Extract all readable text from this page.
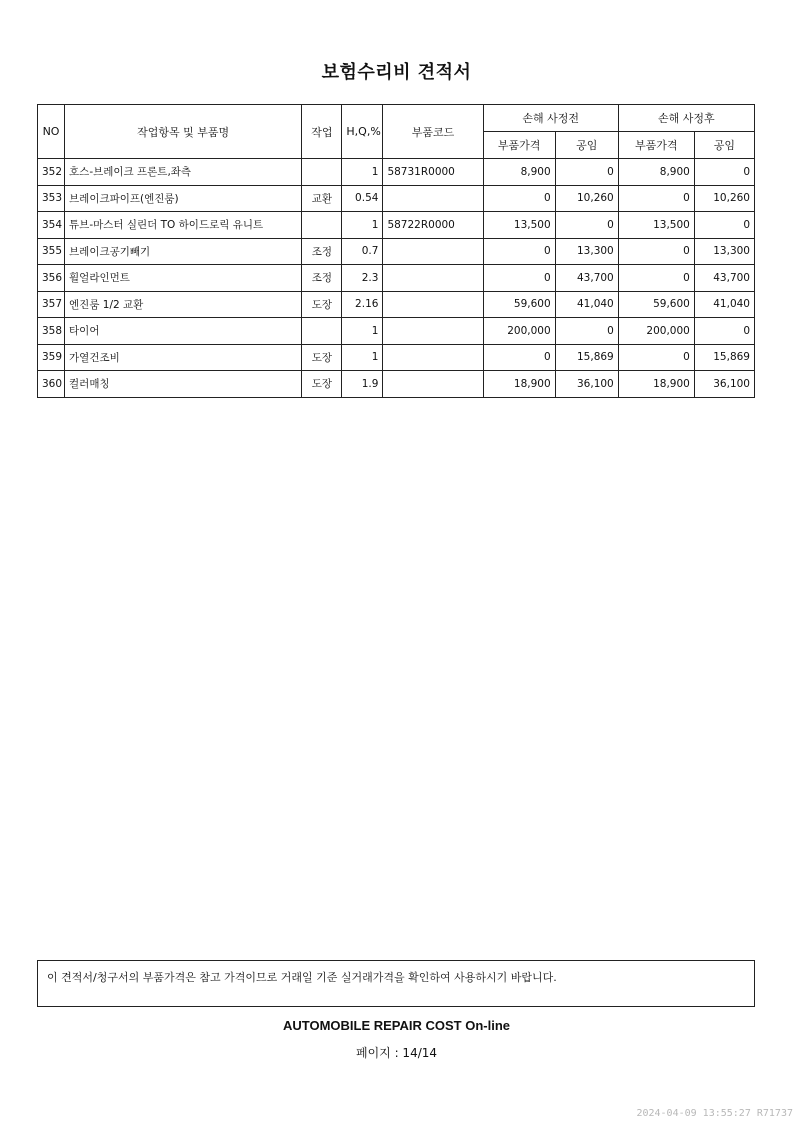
보험수리비 견적서
NO	작업항목 및 부품명	작업	H,Q,%	부품코드	손해 사정전		손해 사정후	
					부품가격	공임	부품가격	공임
352	호스-브레이크 프론트,좌측		1	58731R0000	8,900	0	8,900	0
353	브레이크파이프(엔진룸)	교환	0.54		0	10,260	0	10,260
354	튜브-마스터 실린더 TO 하이드로릭 유니트		1	58722R0000	13,500	0	13,500	0
355	브레이크공기빼기	조정	0.7		0	13,300	0	13,300
356	휠얼라인먼트	조정	2.3		0	43,700	0	43,700
357	엔진룸 1/2 교환	도장	2.16		59,600	41,040	59,600	41,040
358	타이어		1		200,000	0	200,000	0
359	가열건조비	도장	1		0	15,869	0	15,869
360	컬러매칭	도장	1.9		18,900	36,100	18,900	36,100
이 견적서/청구서의 부품가격은 참고 가격이므로 거래일 기준 실거래가격을 확인하여 사용하시기 바랍니다.
AUTOMOBILE REPAIR COST On-line
페이지 : 14/14
2024-04-09 13:55:27 R71737
